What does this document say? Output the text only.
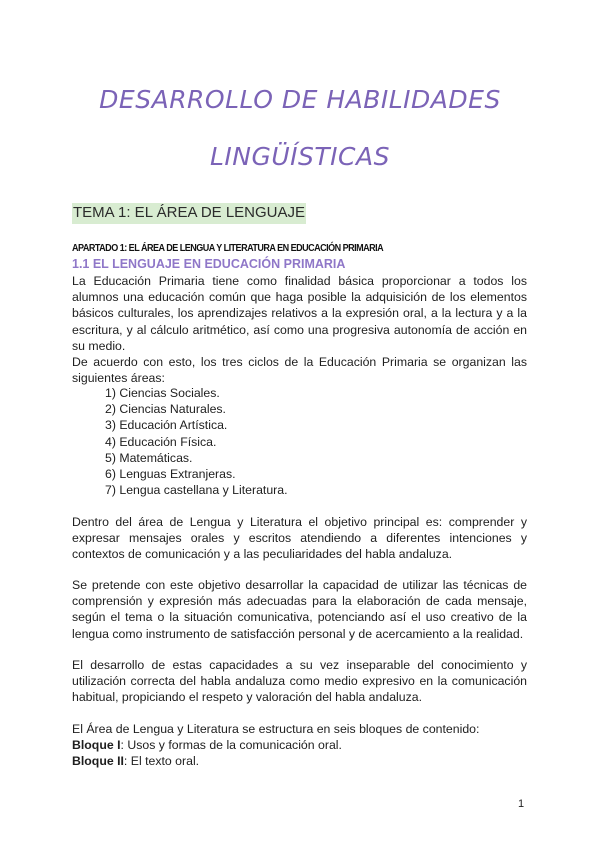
DESARROLLO DE HABILIDADES
LINGÜÍSTICAS
TEMA 1: EL ÁREA DE LENGUAJE
APARTADO 1: EL ÁREA DE LENGUA Y LITERATURA EN EDUCACIÓN PRIMARIA
1.1 EL LENGUAJE EN EDUCACIÓN PRIMARIA

La Educación Primaria tiene como finalidad básica proporcionar a todos los alumnos una educación común que haga posible la adquisición de los elementos básicos culturales, los aprendizajes relativos a la expresión oral, a la lectura y a la escritura, y al cálculo aritmético, así como una progresiva autonomía de acción en su medio.

De acuerdo con esto, los tres ciclos de la Educación Primaria se organizan las siguientes áreas:

1) Ciencias Sociales.
2) Ciencias Naturales.
3) Educación Artística.
4) Educación Física.
5) Matemáticas.
6) Lenguas Extranjeras.
7) Lengua castellana y Literatura.

Dentro del área de Lengua y Literatura el objetivo principal es: comprender y expresar mensajes orales y escritos atendiendo a diferentes intenciones y contextos de comunicación y a las peculiaridades del habla andaluza.

Se pretende con este objetivo desarrollar la capacidad de utilizar las técnicas de comprensión y expresión más adecuadas para la elaboración de cada mensaje, según el tema o la situación comunicativa, potenciando así el uso creativo de la lengua como instrumento de satisfacción personal y de acercamiento a la realidad.

El desarrollo de estas capacidades a su vez inseparable del conocimiento y utilización correcta del habla andaluza como medio expresivo en la comunicación habitual, propiciando el respeto y valoración del habla andaluza.

El Área de Lengua y Literatura se estructura en seis bloques de contenido:

Bloque I: Usos y formas de la comunicación oral.
Bloque II: El texto oral.
1
